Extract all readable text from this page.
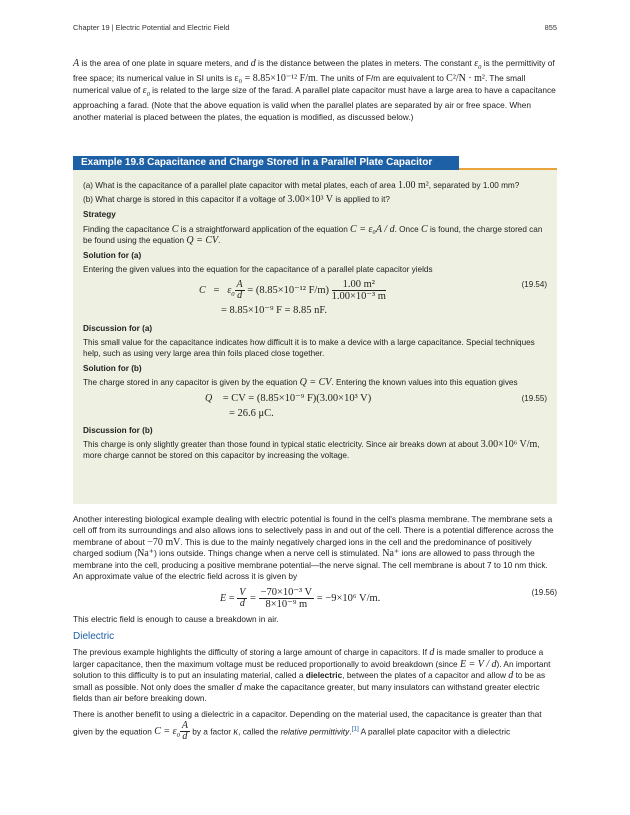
Chapter 19 | Electric Potential and Electric Field	855

A is the area of one plate in square meters, and d is the distance between the plates in meters. The constant $\varepsilon_0$ is the permittivity of free space; its numerical value in SI units is ε₀ = 8.85×10⁻¹² F/m. The units of F/m are equivalent to C²/N · m². The small numerical value of $\varepsilon_0$ is related to the large size of the farad. A parallel plate capacitor must have a large area to have a capacitance approaching a farad. (Note that the above equation is valid when the parallel plates are separated by air or free space. When another material is placed between the plates, the equation is modified, as discussed below.)

Example 19.8 Capacitance and Charge Stored in a Parallel Plate Capacitor

(a) What is the capacitance of a parallel plate capacitor with metal plates, each of area 1.00 m², separated by 1.00 mm?

(b) What charge is stored in this capacitor if a voltage of 3.00×10³ V is applied to it?

Strategy

Finding the capacitance C is a straightforward application of the equation C = ε₀A / d. Once C is found, the charge stored can be found using the equation Q = CV.

Solution for (a)

Entering the given values into the equation for the capacitance of a parallel plate capacitor yields

(19.54)
$C = \varepsilon_0 \frac{A}{d} = (8.85\times 10^{-12}$ $F/m) \frac{\text{1.00 m²}}{\text{1.00×10⁻³ m}}$
= 8.85×10⁻⁹ F = 8.85 nF.

Discussion for (a)

This small value for the capacitance indicates how difficult it is to make a device with a large capacitance. Special techniques help, such as using very large area thin foils placed close together.

Solution for (b)

The charge stored in any capacitor is given by the equation Q = CV. Entering the known values into this equation gives

(19.55)
Q = CV = (8.85×10⁻⁹ F)(3.00×10³ V)
= 26.6 μC.

Discussion for (b)

This charge is only slightly greater than those found in typical static electricity. Since air breaks down at about 3.00×10⁶ V/m, more charge cannot be stored on this capacitor by increasing the voltage.

Another interesting biological example dealing with electric potential is found in the cell's plasma membrane. The membrane sets a cell off from its surroundings and also allows ions to selectively pass in and out of the cell. There is a potential difference across the membrane of about −70 mV. This is due to the mainly negatively charged ions in the cell and the predominance of positively charged sodium (Na⁺) ions outside. Things change when a nerve cell is stimulated. Na⁺ ions are allowed to pass through the membrane into the cell, producing a positive membrane potential—the nerve signal. The cell membrane is about 7 to 10 nm thick. An approximate value of the electric field across it is given by

(19.56)
$E = \frac{V}{d} = \frac{\text{−70×10⁻³ V}}{\text{8×10⁻⁹ m}} = -9\times 10^6$ V/m.

This electric field is enough to cause a breakdown in air.

Dielectric

The previous example highlights the difficulty of storing a large amount of charge in capacitors. If d is made smaller to produce a larger capacitance, then the maximum voltage must be reduced proportionally to avoid breakdown (since E = V / d). An important solution to this difficulty is to put an insulating material, called a dielectric, between the plates of a capacitor and allow d to be as small as possible. Not only does the smaller d make the capacitance greater, but many insulators can withstand greater electric fields than air before breaking down.

There is another benefit to using a dielectric in a capacitor. Depending on the material used, the capacitance is greater than that given by the equation $C = \varepsilon_0 \frac{A}{d}$ by a factor κ, called the relative permittivity.[1] A parallel plate capacitor with a dielectric
